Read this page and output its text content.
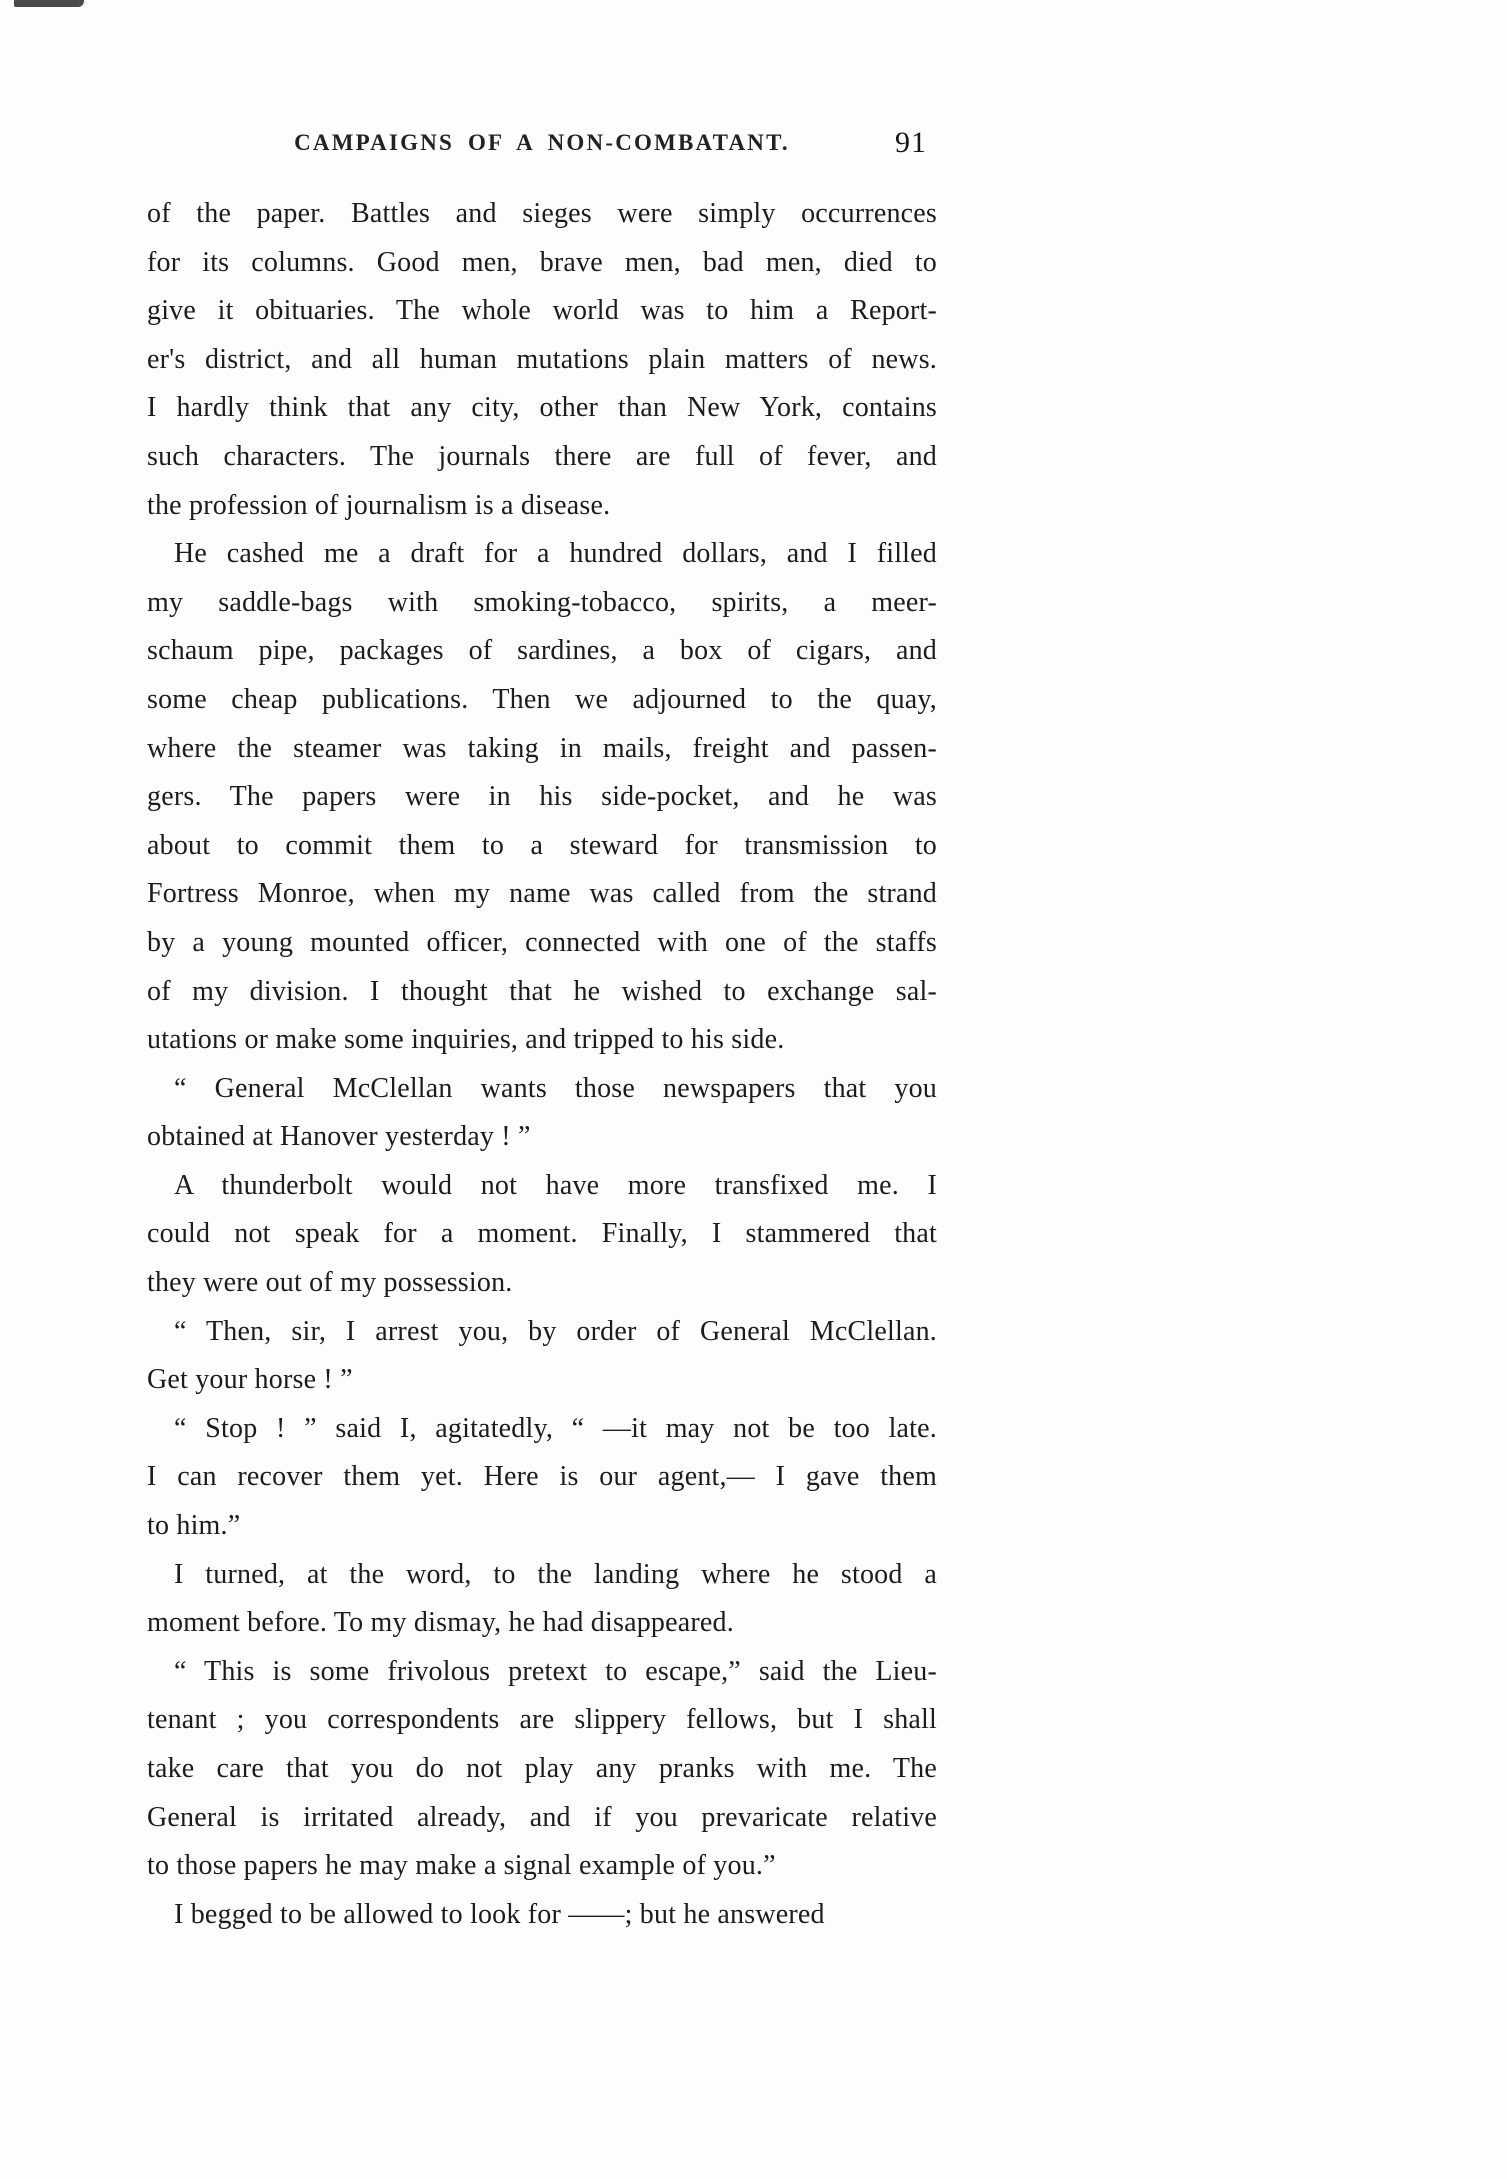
CAMPAIGNS OF A NON-COMBATANT.	91
of the paper. Battles and sieges were simply occurrences
for its columns. Good men, brave men, bad men, died to
give it obituaries. The whole world was to him a Report-
er's district, and all human mutations plain matters of news.
I hardly think that any city, other than New York, contains
such characters. The journals there are full of fever, and
the profession of journalism is a disease.
He cashed me a draft for a hundred dollars, and I filled
my saddle-bags with smoking-tobacco, spirits, a meer-
schaum pipe, packages of sardines, a box of cigars, and
some cheap publications. Then we adjourned to the quay,
where the steamer was taking in mails, freight and passen-
gers. The papers were in his side-pocket, and he was
about to commit them to a steward for transmission to
Fortress Monroe, when my name was called from the strand
by a young mounted officer, connected with one of the staffs
of my division. I thought that he wished to exchange sal-
utations or make some inquiries, and tripped to his side.
“ General McClellan wants those newspapers that you
obtained at Hanover yesterday ! ”
A thunderbolt would not have more transfixed me. I
could not speak for a moment. Finally, I stammered that
they were out of my possession.
“ Then, sir, I arrest you, by order of General McClellan.
Get your horse ! ”
“ Stop ! ” said I, agitatedly, “ —it may not be too late.
I can recover them yet. Here is our agent,— I gave them
to him.”
I turned, at the word, to the landing where he stood a
moment before. To my dismay, he had disappeared.
“ This is some frivolous pretext to escape,” said the Lieu-
tenant ; you correspondents are slippery fellows, but I shall
take care that you do not play any pranks with me. The
General is irritated already, and if you prevaricate relative
to those papers he may make a signal example of you.”
I begged to be allowed to look for ——; but he answered
